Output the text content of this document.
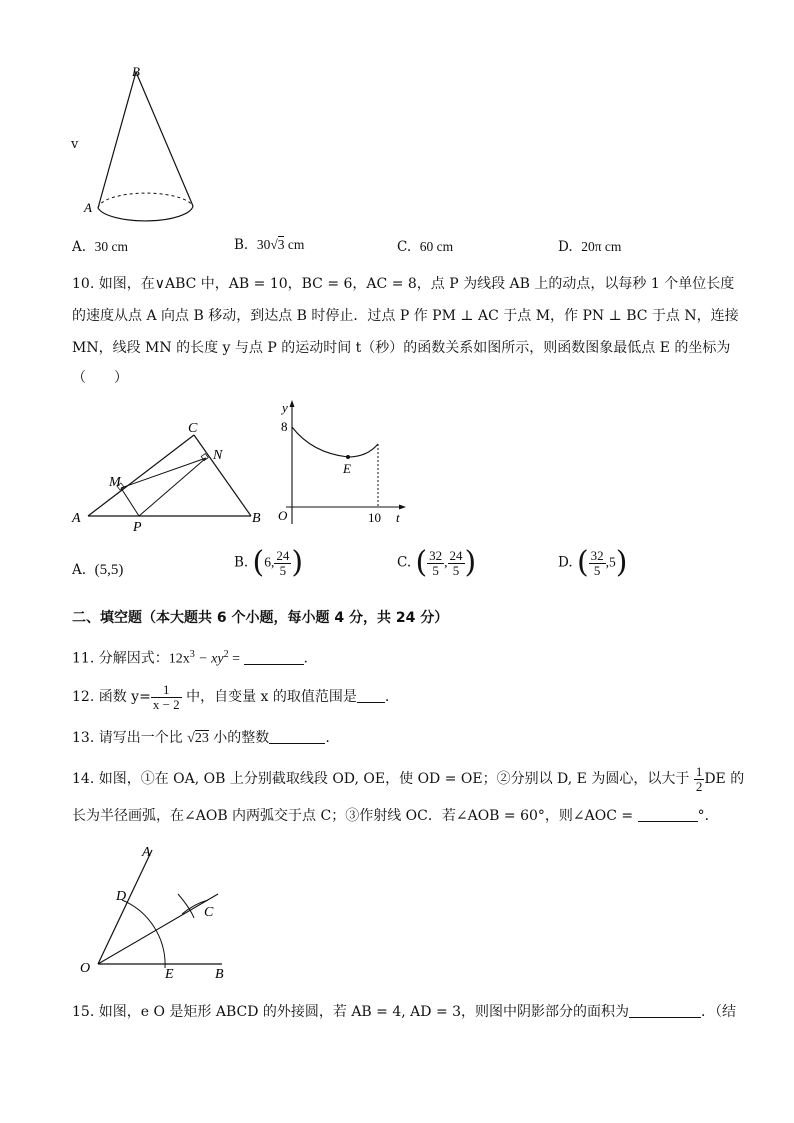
v
B
A
A. 30 cm	B. 30√3 cm	C. 60 cm	D. 20π cm
10. 如图，在∨ABC 中，AB = 10，BC = 6，AC = 8，点 P 为线段 AB 上的动点，以每秒 1 个单位长度
的速度从点 A 向点 B 移动，到达点 B 时停止．过点 P 作 PM ⊥ AC 于点 M，作 PN ⊥ BC 于点 N，连接
MN，线段 MN 的长度 y 与点 P 的运动时间 t（秒）的函数关系如图所示，则函数图象最低点 E 的坐标为
（　　）
A	B
C
M
N
P
y
t
O
E
8
10
A. (5,5)	B. (6, $\frac{24}{5}$ )	C. ( $\frac{32}{5}$ , $\frac{24}{5}$ )	D. ( $\frac{32}{5} ,5$)
二、填空题（本大题共 6 个小题，每小题 4 分，共 24 分）
11. 分解因式：$12x^3 - xy^2$ =	.
12. 函数 $y= \frac{1}{x - 2}$ 中，自变量 x 的取值范围是 .
13. 请写出一个比 √23 小的整数	.
14. 如图，①在 OA, OB 上分别截取线段 OD, OE，使 OD = OE；②分别以 D, E 为圆心，以大于 $\frac{1}{2}$ DE 的
长为半径画弧，在∠AOB 内两弧交于点 C；③作射线 OC．若∠AOB = 60°，则∠AOC =	°．
A
B
C
D
E
O
15. 如图，e O 是矩形 ABCD 的外接圆，若 AB = 4, AD = 3，则图中阴影部分的面积为	．（结
